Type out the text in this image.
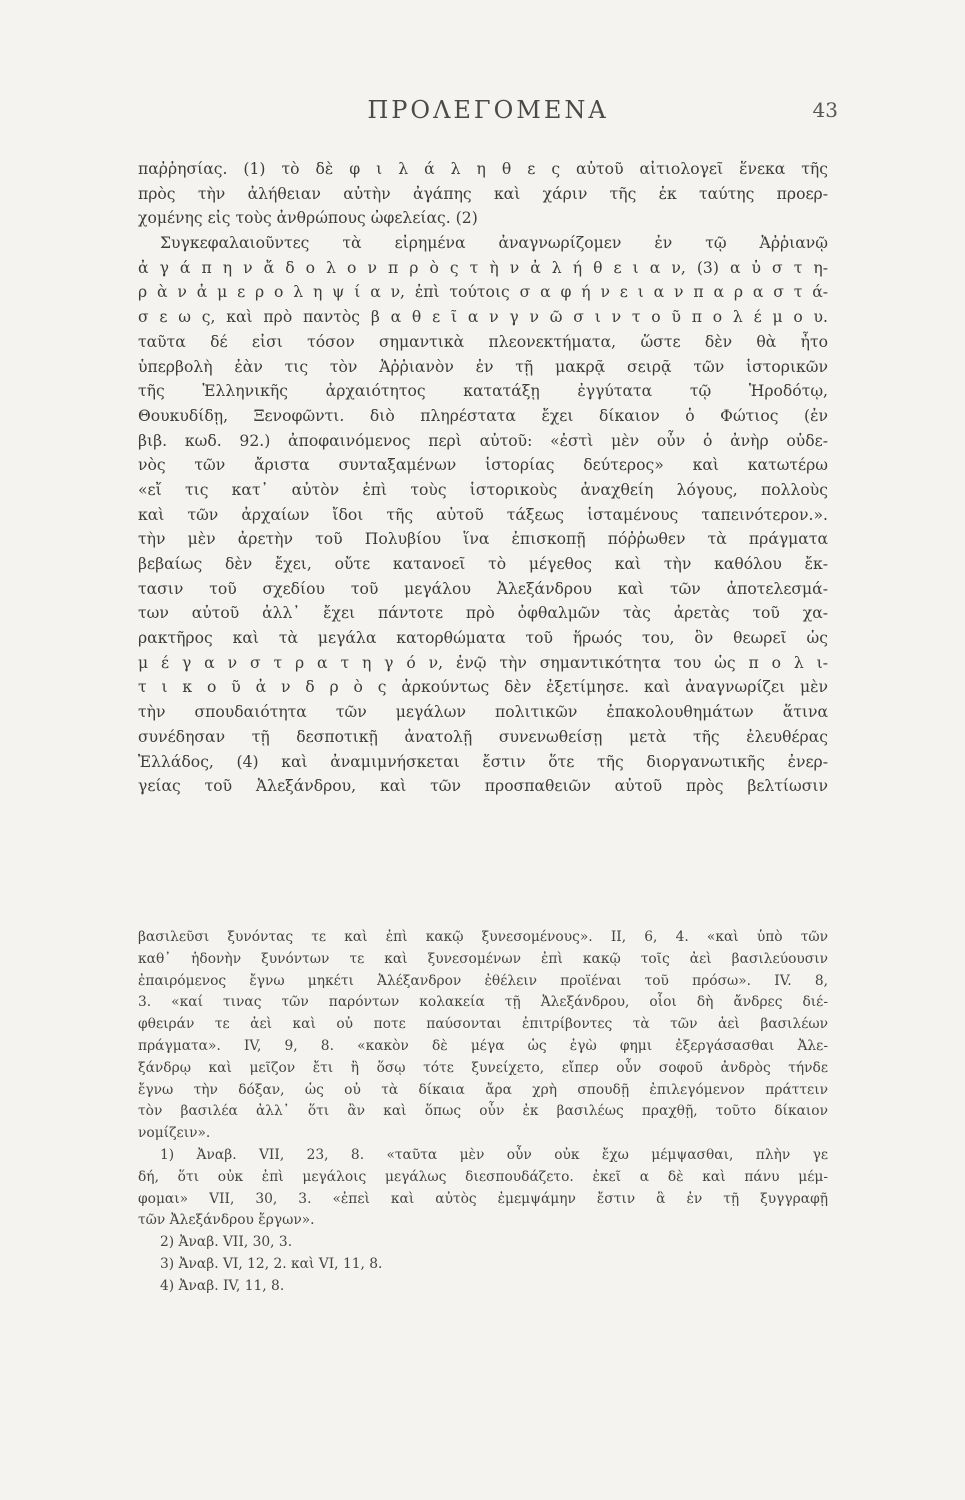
ΠΡΟΛΕΓΟΜΕΝΑ	43
παῤῥησίας. (1) τὸ δὲ φ ι λ ά λ η θ ε ς αὐτοῦ αἰτιολογεῖ ἕνεκα τῆς
πρὸς τὴν ἀλήθειαν αὐτὴν ἀγάπης καὶ χάριν τῆς ἐκ ταύτης προερ-
χομένης εἰς τοὺς ἀνθρώπους ὠφελείας. (2)
Συγκεφαλαιοῦντες τὰ εἰρημένα ἀναγνωρίζομεν ἐν τῷ Ἀῤῥιανῷ
ἀ γ ά π η ν ἄ δ ο λ ο ν π ρ ὸ ς τ ὴ ν ἀ λ ή θ ε ι α ν, (3) α ὐ σ τ η-
ρ ὰ ν ἀ μ ε ρ ο λ η ψ ί α ν, ἐπὶ τούτοις σ α φ ή ν ε ι α ν π α ρ α σ τ ά-
σ ε ω ς, καὶ πρὸ παντὸς β α θ ε ῖ α ν γ ν ῶ σ ι ν τ ο ῦ π ο λ έ μ ο υ.
ταῦτα δέ εἰσι τόσον σημαντικὰ πλεονεκτήματα, ὥστε δὲν θὰ ἦτο
ὑπερβολὴ ἐὰν τις τὸν Ἀῤῥιανὸν ἐν τῇ μακρᾷ σειρᾷ τῶν ἱστορικῶν
τῆς Ἑλληνικῆς ἀρχαιότητος κατατάξῃ ἐγγύτατα τῷ Ἡροδότῳ,
Θουκυδίδῃ, Ξενοφῶντι. διὸ πληρέστατα ἔχει δίκαιον ὁ Φώτιος (ἐν
βιβ. κωδ. 92.) ἀποφαινόμενος περὶ αὐτοῦ: «ἐστὶ μὲν οὖν ὁ ἀνὴρ οὐδε-
νὸς τῶν ἄριστα συνταξαμένων ἱστορίας δεύτερος» καὶ κατωτέρω
«εἴ τις κατ᾿ αὐτὸν ἐπὶ τοὺς ἱστορικοὺς ἀναχθείη λόγους, πολλοὺς
καὶ τῶν ἀρχαίων ἴδοι τῆς αὐτοῦ τάξεως ἱσταμένους ταπεινότερον.».
τὴν μὲν ἀρετὴν τοῦ Πολυβίου ἵνα ἐπισκοπῇ πόῤῥωθεν τὰ πράγματα
βεβαίως δὲν ἔχει, οὔτε κατανοεῖ τὸ μέγεθος καὶ τὴν καθόλου ἔκ-
τασιν τοῦ σχεδίου τοῦ μεγάλου Ἀλεξάνδρου καὶ τῶν ἀποτελεσμά-
των αὐτοῦ ἀλλ᾿ ἔχει πάντοτε πρὸ ὀφθαλμῶν τὰς ἀρετὰς τοῦ χα-
ρακτῆρος καὶ τὰ μεγάλα κατορθώματα τοῦ ἥρωός του, ὃν θεωρεῖ ὡς
μ έ γ α ν σ τ ρ α τ η γ ό ν, ἐνῷ τὴν σημαντικότητα του ὡς π ο λ ι-
τ ι κ ο ῦ ἀ ν δ ρ ὸ ς ἀρκούντως δὲν ἐξετίμησε. καὶ ἀναγνωρίζει μὲν
τὴν σπουδαιότητα τῶν μεγάλων πολιτικῶν ἐπακολουθημάτων ἅτινα
συνέδησαν τῇ δεσποτικῇ ἀνατολῇ συνενωθείσῃ μετὰ τῆς ἐλευθέρας
Ἑλλάδος, (4) καὶ ἀναμιμνήσκεται ἔστιν ὅτε τῆς διοργανωτικῆς ἐνερ-
γείας τοῦ Ἀλεξάνδρου, καὶ τῶν προσπαθειῶν αὐτοῦ πρὸς βελτίωσιν
βασιλεῦσι ξυνόντας τε καὶ ἐπὶ κακῷ ξυνεσομένους». II, 6, 4. «καὶ ὑπὸ τῶν
καθ᾿ ἡδονὴν ξυνόντων τε καὶ ξυνεσομένων ἐπὶ κακῷ τοῖς ἀεὶ βασιλεύουσιν
ἐπαιρόμενος ἔγνω μηκέτι Ἀλέξανδρον ἐθέλειν προϊέναι τοῦ πρόσω». IV. 8,
3. «καί τινας τῶν παρόντων κολακεία τῇ Ἀλεξάνδρου, οἷοι δὴ ἄνδρες διέ-
φθειράν τε ἀεὶ καὶ οὐ ποτε παύσονται ἐπιτρίβοντες τὰ τῶν ἀεὶ βασιλέων
πράγματα». IV, 9, 8. «κακὸν δὲ μέγα ὡς ἐγὼ φημι ἐξεργάσασθαι Ἀλε-
ξάνδρῳ καὶ μεῖζον ἔτι ἢ ὅσῳ τότε ξυνείχετο, εἴπερ οὖν σοφοῦ ἀνδρὸς τήνδε
ἔγνω τὴν δόξαν, ὡς οὐ τὰ δίκαια ἄρα χρὴ σπουδῇ ἐπιλεγόμενον πράττειν
τὸν βασιλέα ἀλλ᾿ ὅτι ἂν καὶ ὅπως οὖν ἐκ βασιλέως πραχθῇ, τοῦτο δίκαιον
νομίζειν».
1) Ἀναβ. VII, 23, 8. «ταῦτα μὲν οὖν οὐκ ἔχω μέμψασθαι, πλὴν γε
δή, ὅτι οὐκ ἐπὶ μεγάλοις μεγάλως διεσπουδάζετο. ἐκεῖ α δὲ καὶ πάνυ μέμ-
φομαι» VII, 30, 3. «ἐπεὶ καὶ αὐτὸς ἐμεμψάμην ἔστιν ἃ ἐν τῇ ξυγγραφῇ
τῶν Ἀλεξάνδρου ἔργων».
2) Ἀναβ. VII, 30, 3.
3) Ἀναβ. VI, 12, 2. καὶ VI, 11, 8.
4) Ἀναβ. IV, 11, 8.
